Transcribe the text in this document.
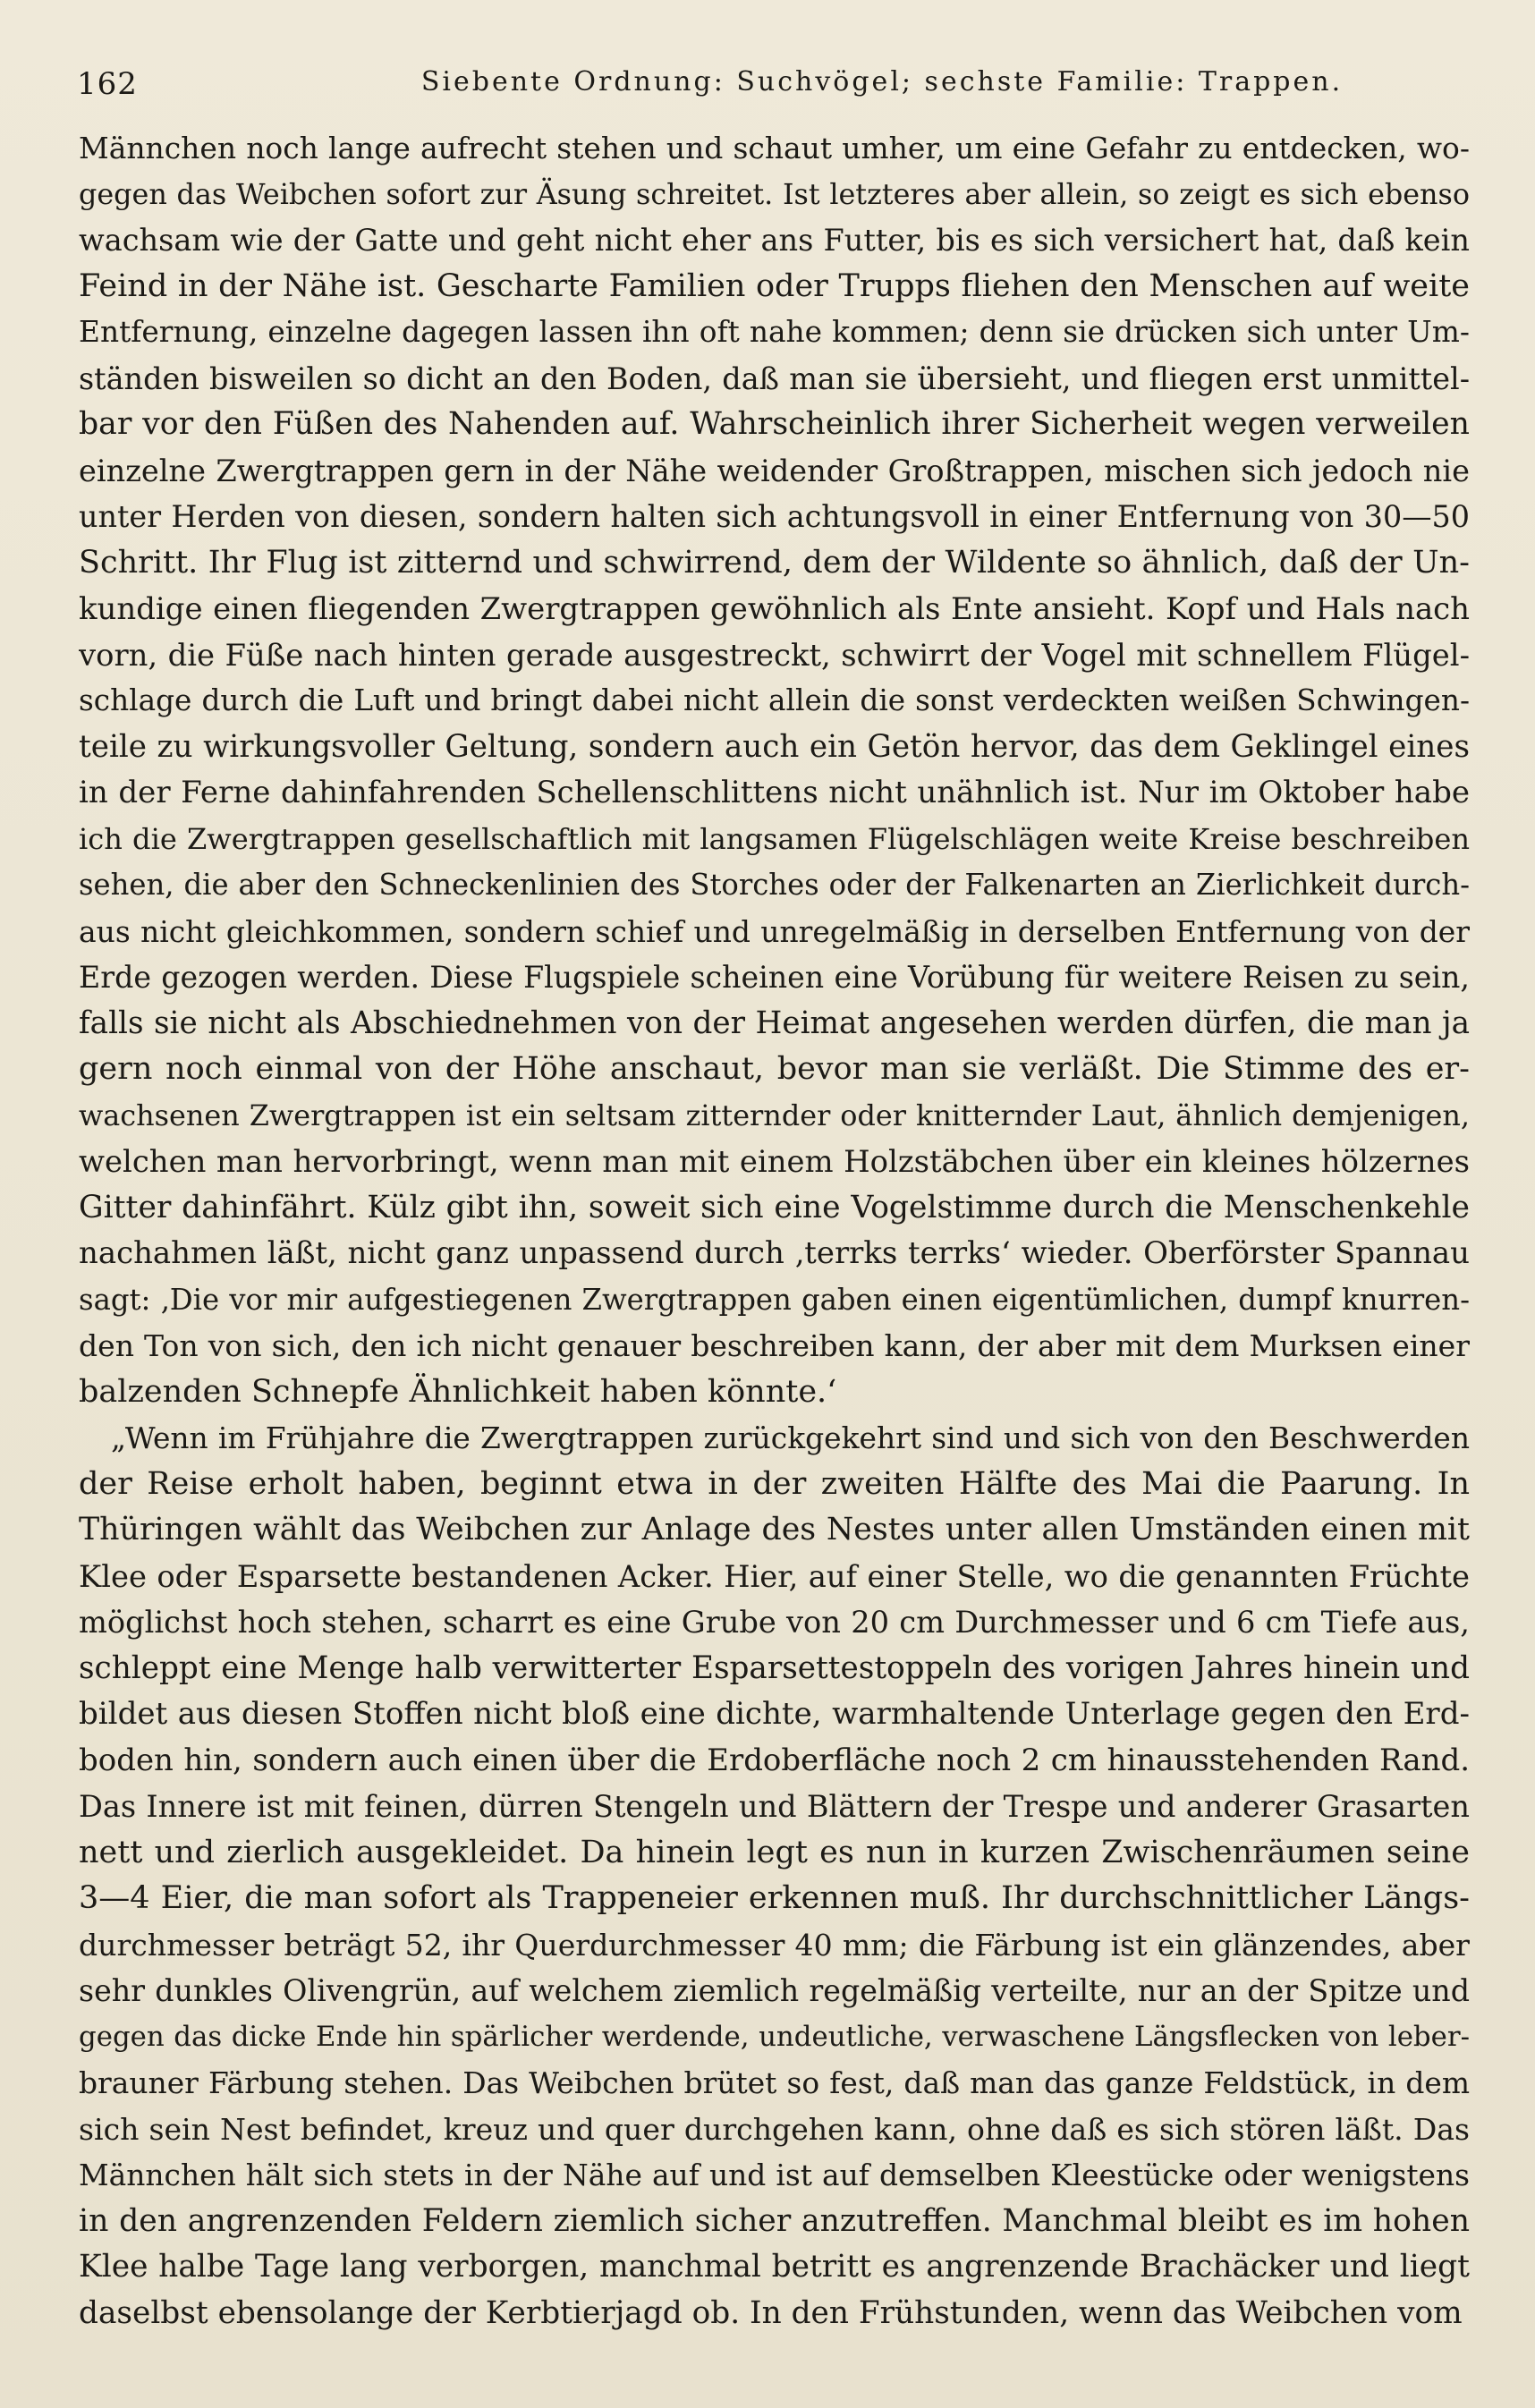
162	Siebente Ordnung: Suchvögel; sechste Familie: Trappen.
Männchen noch lange aufrecht stehen und schaut umher, um eine Gefahr zu entdecken, wo-
gegen das Weibchen sofort zur Äsung schreitet. Ist letzteres aber allein, so zeigt es sich ebenso
wachsam wie der Gatte und geht nicht eher ans Futter, bis es sich versichert hat, daß kein
Feind in der Nähe ist. Gescharte Familien oder Trupps fliehen den Menschen auf weite
Entfernung, einzelne dagegen lassen ihn oft nahe kommen; denn sie drücken sich unter Um-
ständen bisweilen so dicht an den Boden, daß man sie übersieht, und fliegen erst unmittel-
bar vor den Füßen des Nahenden auf. Wahrscheinlich ihrer Sicherheit wegen verweilen
einzelne Zwergtrappen gern in der Nähe weidender Großtrappen, mischen sich jedoch nie
unter Herden von diesen, sondern halten sich achtungsvoll in einer Entfernung von 30—50
Schritt. Ihr Flug ist zitternd und schwirrend, dem der Wildente so ähnlich, daß der Un-
kundige einen fliegenden Zwergtrappen gewöhnlich als Ente ansieht. Kopf und Hals nach
vorn, die Füße nach hinten gerade ausgestreckt, schwirrt der Vogel mit schnellem Flügel-
schlage durch die Luft und bringt dabei nicht allein die sonst verdeckten weißen Schwingen-
teile zu wirkungsvoller Geltung, sondern auch ein Getön hervor, das dem Geklingel eines
in der Ferne dahinfahrenden Schellenschlittens nicht unähnlich ist. Nur im Oktober habe
ich die Zwergtrappen gesellschaftlich mit langsamen Flügelschlägen weite Kreise beschreiben
sehen, die aber den Schneckenlinien des Storches oder der Falkenarten an Zierlichkeit durch-
aus nicht gleichkommen, sondern schief und unregelmäßig in derselben Entfernung von der
Erde gezogen werden. Diese Flugspiele scheinen eine Vorübung für weitere Reisen zu sein,
falls sie nicht als Abschiednehmen von der Heimat angesehen werden dürfen, die man ja
gern noch einmal von der Höhe anschaut, bevor man sie verläßt. Die Stimme des er-
wachsenen Zwergtrappen ist ein seltsam zitternder oder knitternder Laut, ähnlich demjenigen,
welchen man hervorbringt, wenn man mit einem Holzstäbchen über ein kleines hölzernes
Gitter dahinfährt. Külz gibt ihn, soweit sich eine Vogelstimme durch die Menschenkehle
nachahmen läßt, nicht ganz unpassend durch ‚terrks terrks‘ wieder. Oberförster Spannau
sagt: ‚Die vor mir aufgestiegenen Zwergtrappen gaben einen eigentümlichen, dumpf knurren-
den Ton von sich, den ich nicht genauer beschreiben kann, der aber mit dem Murksen einer
balzenden Schnepfe Ähnlichkeit haben könnte.‘
„Wenn im Frühjahre die Zwergtrappen zurückgekehrt sind und sich von den Beschwerden
der Reise erholt haben, beginnt etwa in der zweiten Hälfte des Mai die Paarung. In
Thüringen wählt das Weibchen zur Anlage des Nestes unter allen Umständen einen mit
Klee oder Esparsette bestandenen Acker. Hier, auf einer Stelle, wo die genannten Früchte
möglichst hoch stehen, scharrt es eine Grube von 20 cm Durchmesser und 6 cm Tiefe aus,
schleppt eine Menge halb verwitterter Esparsettestoppeln des vorigen Jahres hinein und
bildet aus diesen Stoffen nicht bloß eine dichte, warmhaltende Unterlage gegen den Erd-
boden hin, sondern auch einen über die Erdoberfläche noch 2 cm hinausstehenden Rand.
Das Innere ist mit feinen, dürren Stengeln und Blättern der Trespe und anderer Grasarten
nett und zierlich ausgekleidet. Da hinein legt es nun in kurzen Zwischenräumen seine
3—4 Eier, die man sofort als Trappeneier erkennen muß. Ihr durchschnittlicher Längs-
durchmesser beträgt 52, ihr Querdurchmesser 40 mm; die Färbung ist ein glänzendes, aber
sehr dunkles Olivengrün, auf welchem ziemlich regelmäßig verteilte, nur an der Spitze und
gegen das dicke Ende hin spärlicher werdende, undeutliche, verwaschene Längsflecken von leber-
brauner Färbung stehen. Das Weibchen brütet so fest, daß man das ganze Feldstück, in dem
sich sein Nest befindet, kreuz und quer durchgehen kann, ohne daß es sich stören läßt. Das
Männchen hält sich stets in der Nähe auf und ist auf demselben Kleestücke oder wenigstens
in den angrenzenden Feldern ziemlich sicher anzutreffen. Manchmal bleibt es im hohen
Klee halbe Tage lang verborgen, manchmal betritt es angrenzende Brachäcker und liegt
daselbst ebensolange der Kerbtierjagd ob. In den Frühstunden, wenn das Weibchen vom
